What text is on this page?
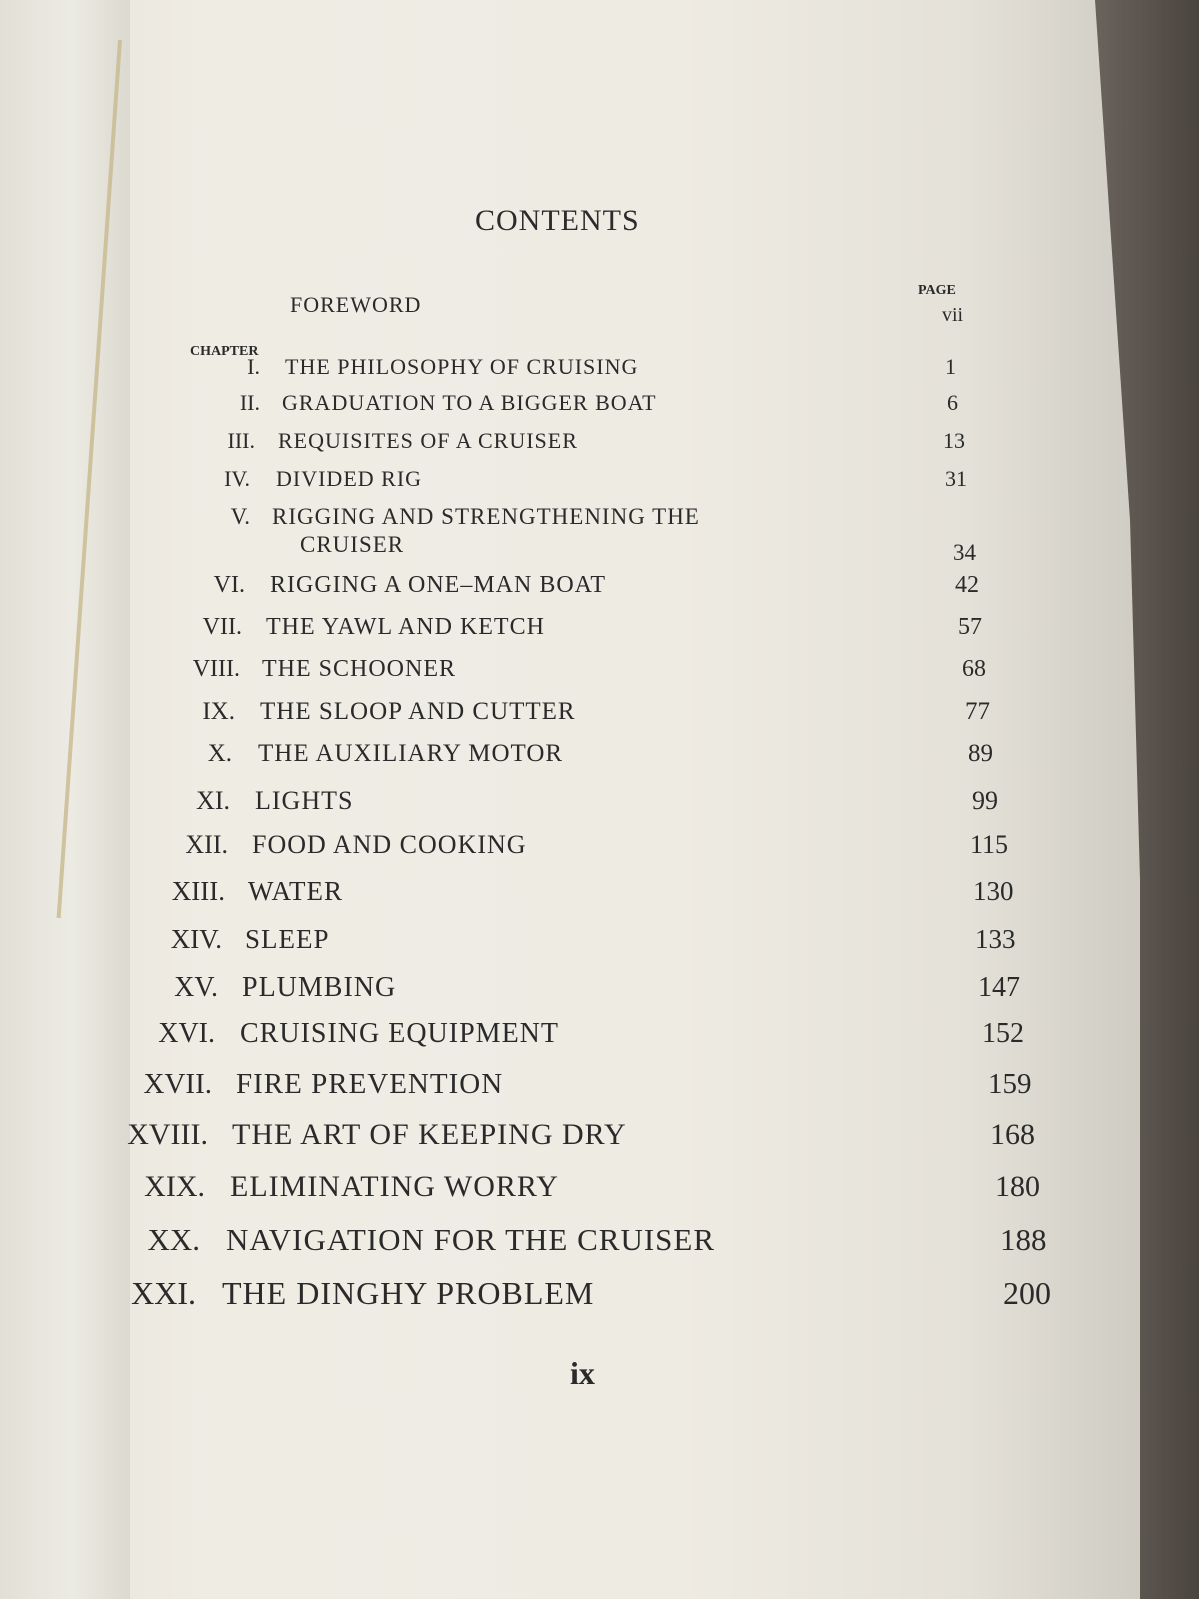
CONTENTS
PAGE
FOREWORD	vii
CHAPTER
I. THE PHILOSOPHY OF CRUISING	1
II. GRADUATION TO A BIGGER BOAT	6
III. REQUISITES OF A CRUISER	13
IV. DIVIDED RIG	31
V. RIGGING AND STRENGTHENING THE
CRUISER	34
VI. RIGGING A ONE–MAN BOAT	42
VII. THE YAWL AND KETCH	57
VIII. THE SCHOONER	68
IX. THE SLOOP AND CUTTER	77
X. THE AUXILIARY MOTOR	89
XI. LIGHTS	99
XII. FOOD AND COOKING	115
XIII. WATER	130
XIV. SLEEP	133
XV. PLUMBING	147
XVI. CRUISING EQUIPMENT	152
XVII. FIRE PREVENTION	159
XVIII. THE ART OF KEEPING DRY	168
XIX. ELIMINATING WORRY	180
XX. NAVIGATION FOR THE CRUISER	188
XXI. THE DINGHY PROBLEM	200
ix
